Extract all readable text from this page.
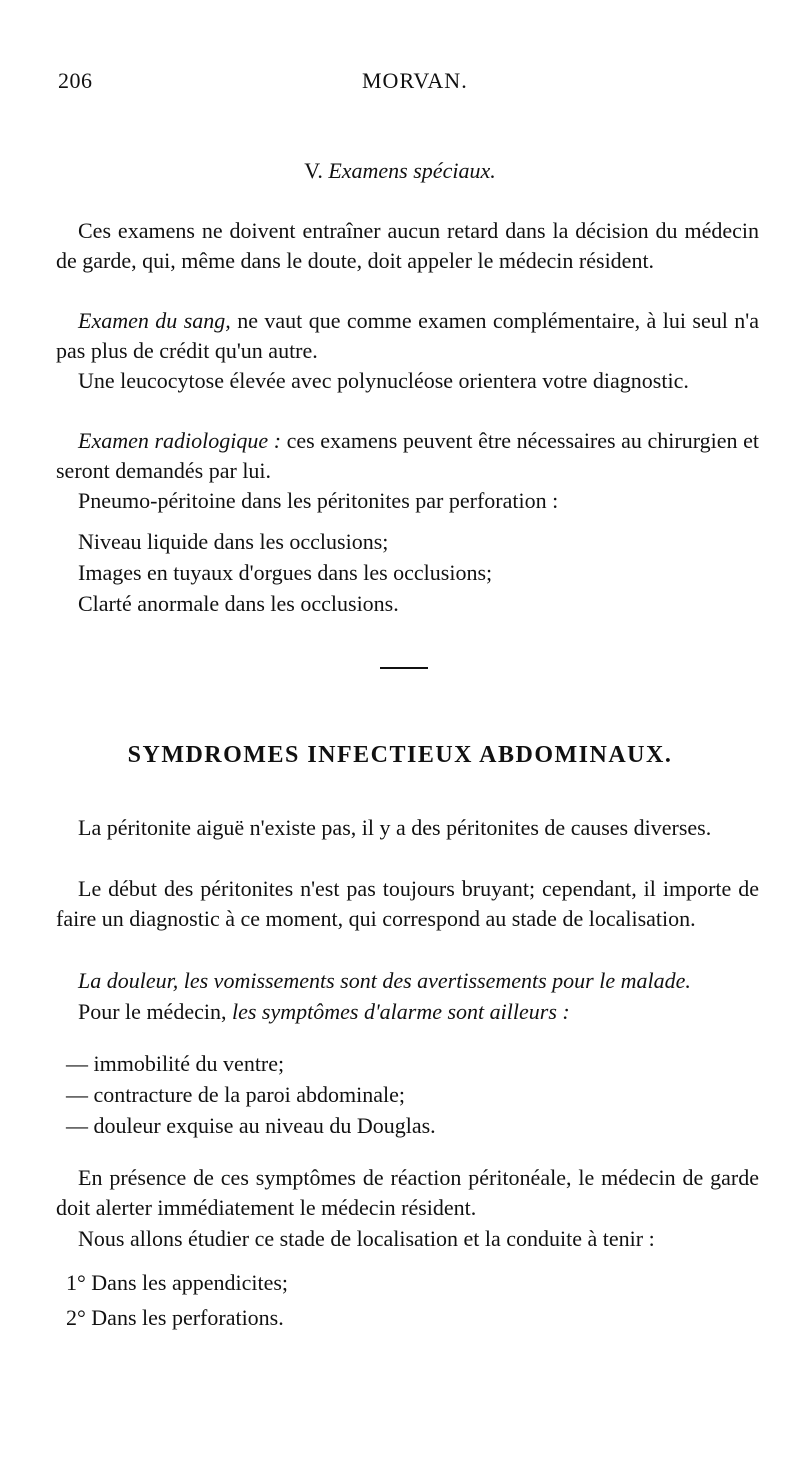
206	MORVAN.
V. Examens spéciaux.
Ces examens ne doivent entraîner aucun retard dans la décision du médecin de garde, qui, même dans le doute, doit appeler le médecin résident.
Examen du sang, ne vaut que comme examen complémentaire, à lui seul n'a pas plus de crédit qu'un autre.
Une leucocytose élevée avec polynucléose orientera votre diagnostic.
Examen radiologique : ces examens peuvent être nécessaires au chirurgien et seront demandés par lui.
Pneumo-péritoine dans les péritonites par perforation :
Niveau liquide dans les occlusions;
Images en tuyaux d'orgues dans les occlusions;
Clarté anormale dans les occlusions.
SYMDROMES INFECTIEUX ABDOMINAUX.
La péritonite aiguë n'existe pas, il y a des péritonites de causes diverses.
Le début des péritonites n'est pas toujours bruyant; cependant, il importe de faire un diagnostic à ce moment, qui correspond au stade de localisation.
La douleur, les vomissements sont des avertissements pour le malade.
Pour le médecin, les symptômes d'alarme sont ailleurs :
— immobilité du ventre;
— contracture de la paroi abdominale;
— douleur exquise au niveau du Douglas.
En présence de ces symptômes de réaction péritonéale, le médecin de garde doit alerter immédiatement le médecin résident.
Nous allons étudier ce stade de localisation et la conduite à tenir :
1° Dans les appendicites;
2° Dans les perforations.
